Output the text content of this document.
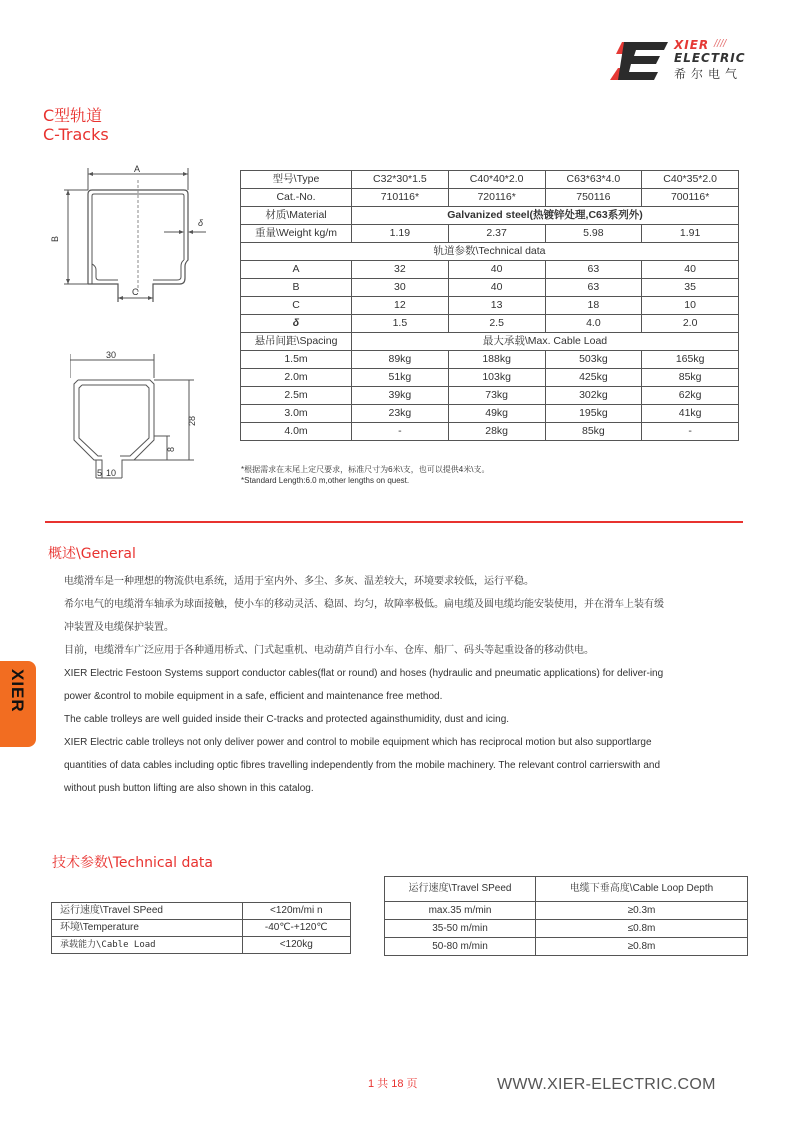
XIER ////
ELECTRIC
希尔电气
C型轨道
C-Tracks
A
B
C
δ
30
28
8
5 10
型号\Type	C32*30*1.5	C40*40*2.0	C63*63*4.0	C40*35*2.0
Cat.-No.	710116*	720116*	750116	700116*
材质\Material	Galvanized steel(热镀锌处理,C63系列外)			
重量\Weight kg/m	1.19	2.37	5.98	1.91
轨道参数\Technical data				
A	32	40	63	40
B	30	40	63	35
C	12	13	18	10
δ	1.5	2.5	4.0	2.0
悬吊间距\Spacing	最大承载\Max. Cable Load			
1.5m	89kg	188kg	503kg	165kg
2.0m	51kg	103kg	425kg	85kg
2.5m	39kg	73kg	302kg	62kg
3.0m	23kg	49kg	195kg	41kg
4.0m	-	28kg	85kg	-
*根据需求在末尾上定尺要求，标准尺寸为6米\支，也可以提供4米\支。
*Standard Length:6.0 m,other lengths on quest.
概述\General
电缆滑车是一种理想的物流供电系统，适用于室内外、多尘、多灰、温差较大，环境要求较低，运行平稳。
希尔电气的电缆滑车轴承为球面接触，使小车的移动灵活、稳固、均匀，故障率极低。扁电缆及圆电缆均能安装使用，并在滑车上装有缓
冲装置及电缆保护装置。
目前，电缆滑车广泛应用于各种通用桥式、门式起重机、电动葫芦自行小车、仓库、船厂、码头等起重设备的移动供电。
XIER Electric Festoon Systems support conductor cables(flat or round) and hoses (hydraulic and pneumatic applications) for deliver-ing
power &control to mobile equipment in a safe, efficient and maintenance free method.
The cable trolleys are well guided inside their C-tracks and protected againsthumidity, dust and icing.
XIER Electric cable trolleys not only deliver power and control to mobile equipment which has reciprocal motion but also supportlarge
quantities of data cables including optic fibres travelling independently from the mobile machinery. The relevant control carrierswith and
without push button lifting are also shown in this catalog.
XIER
技术参数\Technical data
运行速度\Travel SPeed	<120m/mi n
环境\Temperature	-40℃-+120℃
承载能力\Cable Load	<120kg
运行速度\Travel SPeed	电缆下垂高度\Cable Loop Depth
max.35 m/min	≥0.3m
35-50 m/min	≤0.8m
50-80 m/min	≥0.8m
1 共 18 页	WWW.XIER-ELECTRIC.COM
